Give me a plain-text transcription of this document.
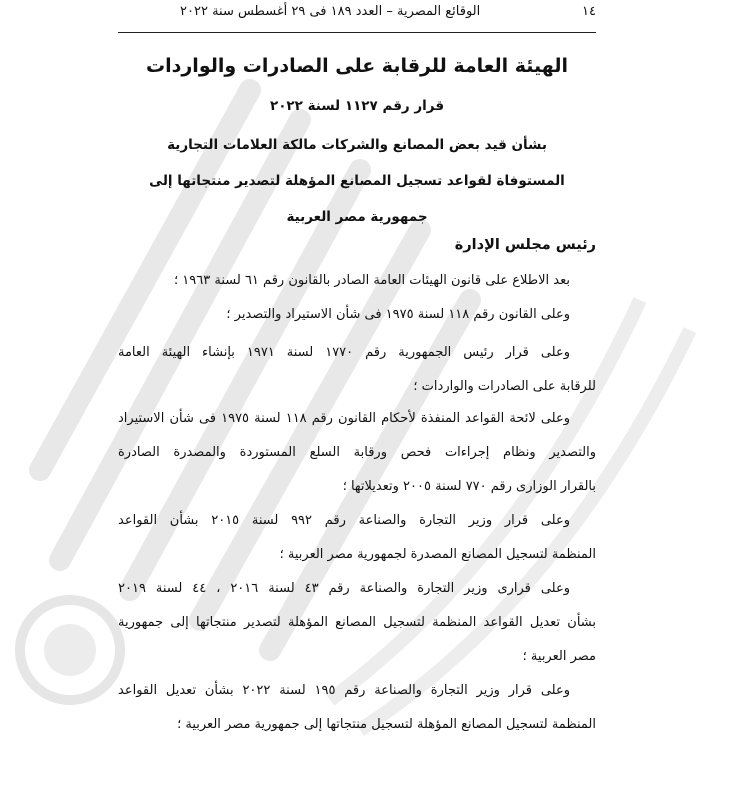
١٤
الوقائع المصرية – العدد ١٨٩ فى ٢٩ أغسطس سنة ٢٠٢٢
الهيئة العامة للرقابة على الصادرات والواردات
قرار رقم ١١٢٧ لسنة ٢٠٢٢
بشأن قيد بعض المصانع والشركات مالكة العلامات التجارية
المستوفاة لقواعد تسجيل المصانع المؤهلة لتصدير منتجاتها إلى
جمهورية مصر العربية
رئيس مجلس الإدارة
بعد الاطلاع على قانون الهيئات العامة الصادر بالقانون رقم ٦١ لسنة ١٩٦٣ ؛
وعلى القانون رقم ١١٨ لسنة ١٩٧٥ فى شأن الاستيراد والتصدير ؛
وعلى قرار رئيس الجمهورية رقم ١٧٧٠ لسنة ١٩٧١ بإنشاء الهيئة العامة
للرقابة على الصادرات والواردات ؛
وعلى لائحة القواعد المنفذة لأحكام القانون رقم ١١٨ لسنة ١٩٧٥ فى شأن الاستيراد
والتصدير ونظام إجراءات فحص ورقابة السلع المستوردة والمصدرة الصادرة
بالقرار الوزارى رقم ٧٧٠ لسنة ٢٠٠٥ وتعديلاتها ؛
وعلى قرار وزير التجارة والصناعة رقم ٩٩٢ لسنة ٢٠١٥ بشأن القواعد
المنظمة لتسجيل المصانع المصدرة لجمهورية مصر العربية ؛
وعلى قرارى وزير التجارة والصناعة رقم ٤٣ لسنة ٢٠١٦ ، ٤٤ لسنة ٢٠١٩
بشأن تعديل القواعد المنظمة لتسجيل المصانع المؤهلة لتصدير منتجاتها إلى جمهورية
مصر العربية ؛
وعلى قرار وزير التجارة والصناعة رقم ١٩٥ لسنة ٢٠٢٢ بشأن تعديل القواعد
المنظمة لتسجيل المصانع المؤهلة لتسجيل منتجاتها إلى جمهورية مصر العربية ؛
